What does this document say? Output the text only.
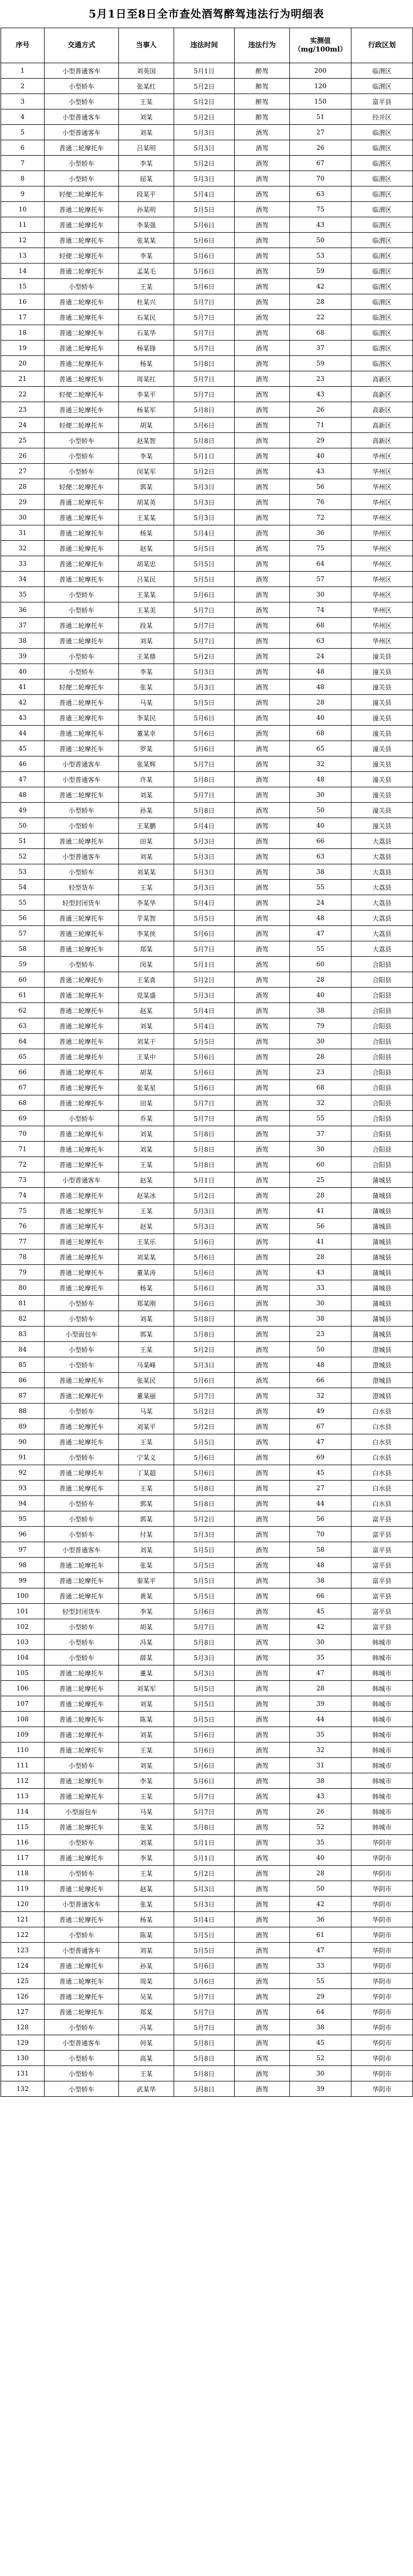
5月1日至8日全市查处酒驾醉驾违法行为明细表
序号	交通方式	当事人	违法时间	违法行为	实测值（mg/100ml）	行政区划
1	小型普通客车	刘英国	5月1日	醉驾	200	临渭区
2	小型轿车	张某红	5月2日	醉驾	120	临渭区
3	小型轿车	王某	5月2日	醉驾	150	富平县
4	小型普通客车	刘某	5月2日	醉驾	51	经开区
5	小型普通客车	刘某	5月3日	酒驾	27	临渭区
6	普通二轮摩托车	吕某明	5月3日	酒驾	26	临渭区
7	小型轿车	李某	5月2日	酒驾	67	临渭区
8	小型轿车	屈某	5月3日	酒驾	70	临渭区
9	轻便二轮摩托车	段某平	5月4日	酒驾	63	临渭区
10	普通二轮摩托车	孙某明	5月5日	酒驾	75	临渭区
11	普通二轮摩托车	李某强	5月6日	酒驾	43	临渭区
12	普通二轮摩托车	张某某	5月6日	酒驾	50	临渭区
13	轻便二轮摩托车	李某	5月6日	酒驾	53	临渭区
14	普通二轮摩托车	孟某毛	5月6日	酒驾	59	临渭区
15	小型轿车	王某	5月6日	酒驾	42	临渭区
16	普通二轮摩托车	杜某兴	5月7日	酒驾	28	临渭区
17	普通二轮摩托车	石某民	5月7日	酒驾	22	临渭区
18	普通二轮摩托车	石某华	5月7日	酒驾	68	临渭区
19	普通二轮摩托车	杨某锋	5月7日	酒驾	37	临渭区
20	普通二轮摩托车	杨某	5月8日	酒驾	59	临渭区
21	普通二轮摩托车	周某红	5月7日	酒驾	23	高新区
22	轻便二轮摩托车	李某平	5月7日	酒驾	43	高新区
23	普通三轮摩托车	杨某军	5月8日	酒驾	26	高新区
24	轻便二轮摩托车	胡某	5月6日	酒驾	71	高新区
25	小型轿车	赵某智	5月8日	酒驾	29	高新区
26	小型轿车	李某	5月1日	酒驾	40	华州区
27	小型轿车	闵某军	5月2日	酒驾	43	华州区
28	轻便二轮摩托车	郭某	5月3日	酒驾	56	华州区
29	普通二轮摩托车	胡某英	5月3日	酒驾	76	华州区
30	普通二轮摩托车	王某某	5月3日	酒驾	72	华州区
31	普通二轮摩托车	杨某	5月4日	酒驾	36	华州区
32	普通二轮摩托车	赵某	5月5日	酒驾	75	华州区
33	普通二轮摩托车	胡某忠	5月5日	酒驾	64	华州区
34	普通二轮摩托车	吕某民	5月5日	酒驾	57	华州区
35	小型轿车	王某某	5月6日	酒驾	30	华州区
36	小型轿车	王某美	5月7日	酒驾	74	华州区
37	普通二轮摩托车	段某	5月7日	酒驾	68	华州区
38	普通二轮摩托车	刘某	5月7日	酒驾	63	华州区
39	小型轿车	王某鼎	5月2日	酒驾	24	潼关县
40	小型轿车	李某	5月3日	酒驾	48	潼关县
41	轻便二轮摩托车	张某	5月3日	酒驾	48	潼关县
42	普通二轮摩托车	马某	5月5日	酒驾	28	潼关县
43	普通三轮摩托车	李某民	5月6日	酒驾	40	潼关县
44	普通二轮摩托车	董某幸	5月6日	酒驾	68	潼关县
45	普通二轮摩托车	罗某	5月6日	酒驾	65	潼关县
46	小型普通客车	张某辉	5月7日	酒驾	32	潼关县
47	小型普通客车	许某	5月8日	酒驾	48	潼关县
48	普通二轮摩托车	刘某	5月7日	酒驾	30	潼关县
49	小型轿车	孙某	5月8日	酒驾	50	潼关县
50	小型轿车	王某鹏	5月4日	酒驾	40	潼关县
51	普通二轮摩托车	田某	5月3日	酒驾	66	大荔县
52	小型普通客车	刘某	5月3日	酒驾	63	大荔县
53	小型轿车	刘某某	5月3日	酒驾	38	大荔县
54	轻型货车	王某	5月3日	酒驾	55	大荔县
55	轻型封闭货车	李某华	5月4日	酒驾	24	大荔县
56	普通三轮摩托车	芋某智	5月5日	酒驾	48	大荔县
57	普通三轮摩托车	李某侠	5月6日	酒驾	47	大荔县
58	普通二轮摩托车	郑某	5月7日	酒驾	55	大荔县
59	小型轿车	闵某	5月1日	酒驾	60	合阳县
60	普通二轮摩托车	王某喜	5月2日	酒驾	28	合阳县
61	普通二轮摩托车	党某盛	5月3日	酒驾	40	合阳县
62	普通二轮摩托车	赵某	5月4日	酒驾	38	合阳县
63	普通二轮摩托车	刘某	5月4日	酒驾	79	合阳县
64	普通二轮摩托车	刘某干	5月5日	酒驾	30	合阳县
65	普通二轮摩托车	王某中	5月6日	酒驾	28	合阳县
66	普通二轮摩托车	胡某	5月6日	酒驾	23	合阳县
67	普通二轮摩托车	张某星	5月6日	酒驾	68	合阳县
68	普通二轮摩托车	田某	5月7日	酒驾	32	合阳县
69	小型轿车	乔某	5月7日	酒驾	55	合阳县
70	普通二轮摩托车	刘某	5月8日	酒驾	37	合阳县
71	普通二轮摩托车	刘某	5月8日	酒驾	30	合阳县
72	普通二轮摩托车	王某	5月8日	酒驾	60	合阳县
73	小型普通客车	赵某	5月1日	酒驾	25	蒲城县
74	普通二轮摩托车	赵某冰	5月2日	酒驾	28	蒲城县
75	普通二轮摩托车	王某	5月3日	酒驾	41	蒲城县
76	普通三轮摩托车	赵某	5月3日	酒驾	56	蒲城县
77	普通三轮摩托车	王某乐	5月6日	酒驾	41	蒲城县
78	普通二轮摩托车	刘某某	5月6日	酒驾	28	蒲城县
79	普通二轮摩托车	董某涛	5月6日	酒驾	43	蒲城县
80	普通二轮摩托车	杨某	5月6日	酒驾	33	蒲城县
81	小型轿车	郑某刚	5月6日	酒驾	30	蒲城县
82	小型轿车	刘某	5月8日	酒驾	38	蒲城县
83	小型面包车	郭某	5月8日	酒驾	23	蒲城县
84	小型轿车	王某	5月2日	酒驾	50	澄城县
85	小型轿车	马某峰	5月3日	酒驾	48	澄城县
86	普通二轮摩托车	张某民	5月6日	酒驾	66	澄城县
87	普通二轮摩托车	董某丽	5月7日	酒驾	32	澄城县
88	小型轿车	马某	5月2日	酒驾	49	白水县
89	普通二轮摩托车	刘某平	5月2日	酒驾	67	白水县
90	普通二轮摩托车	王某	5月5日	酒驾	47	白水县
91	小型轿车	宁某义	5月6日	酒驾	69	白水县
92	普通二轮摩托车	丁某超	5月6日	酒驾	45	白水县
93	普通二轮摩托车	王某	5月8日	酒驾	27	白水县
94	小型轿车	郭某	5月8日	酒驾	44	白水县
95	小型轿车	郭某	5月2日	酒驾	56	富平县
96	小型轿车	付某	5月3日	酒驾	70	富平县
97	小型普通客车	刘某	5月5日	酒驾	58	富平县
98	普通二轮摩托车	张某	5月5日	酒驾	48	富平县
99	普通二轮摩托车	秦某平	5月5日	酒驾	38	富平县
100	普通二轮摩托车	黄某	5月5日	酒驾	66	富平县
101	轻型封闭货车	李某	5月6日	酒驾	45	富平县
102	小型轿车	胡某	5月7日	酒驾	42	富平县
103	小型轿车	冯某	5月8日	酒驾	30	韩城市
104	小型轿车	薛某	5月3日	酒驾	35	韩城市
105	普通二轮摩托车	董某	5月3日	酒驾	47	韩城市
106	普通二轮摩托车	刘某军	5月5日	酒驾	28	韩城市
107	普通二轮摩托车	刘某	5月5日	酒驾	39	韩城市
108	普通二轮摩托车	陈某	5月5日	酒驾	44	韩城市
109	普通二轮摩托车	刘某	5月6日	酒驾	35	韩城市
110	普通二轮摩托车	王某	5月6日	酒驾	32	韩城市
111	小型轿车	刘某	5月6日	酒驾	31	韩城市
112	普通二轮摩托车	李某	5月6日	酒驾	38	韩城市
113	普通二轮摩托车	王某	5月7日	酒驾	43	韩城市
114	小型面包车	马某	5月7日	酒驾	26	韩城市
115	普通二轮摩托车	张某	5月8日	酒驾	52	韩城市
116	小型轿车	刘某	5月1日	酒驾	35	华阴市
117	普通二轮摩托车	李某	5月1日	酒驾	40	华阴市
118	小型轿车	王某	5月2日	酒驾	28	华阴市
119	普通二轮摩托车	赵某	5月3日	酒驾	50	华阴市
120	小型普通客车	张某	5月3日	酒驾	42	华阴市
121	普通二轮摩托车	杨某	5月4日	酒驾	36	华阴市
122	小型轿车	陈某	5月5日	酒驾	61	华阴市
123	小型普通客车	刘某	5月5日	酒驾	47	华阴市
124	普通二轮摩托车	孙某	5月6日	酒驾	33	华阴市
125	普通二轮摩托车	周某	5月6日	酒驾	55	华阴市
126	普通二轮摩托车	吴某	5月7日	酒驾	29	华阴市
127	普通二轮摩托车	郑某	5月7日	酒驾	64	华阴市
128	小型轿车	冯某	5月7日	酒驾	38	华阴市
129	小型普通客车	何某	5月8日	酒驾	45	华阴市
130	小型轿车	高某	5月8日	酒驾	52	华阴市
131	小型轿车	王某	5月8日	酒驾	30	华阴市
132	小型轿车	武某华	5月8日	酒驾	39	华阴市
